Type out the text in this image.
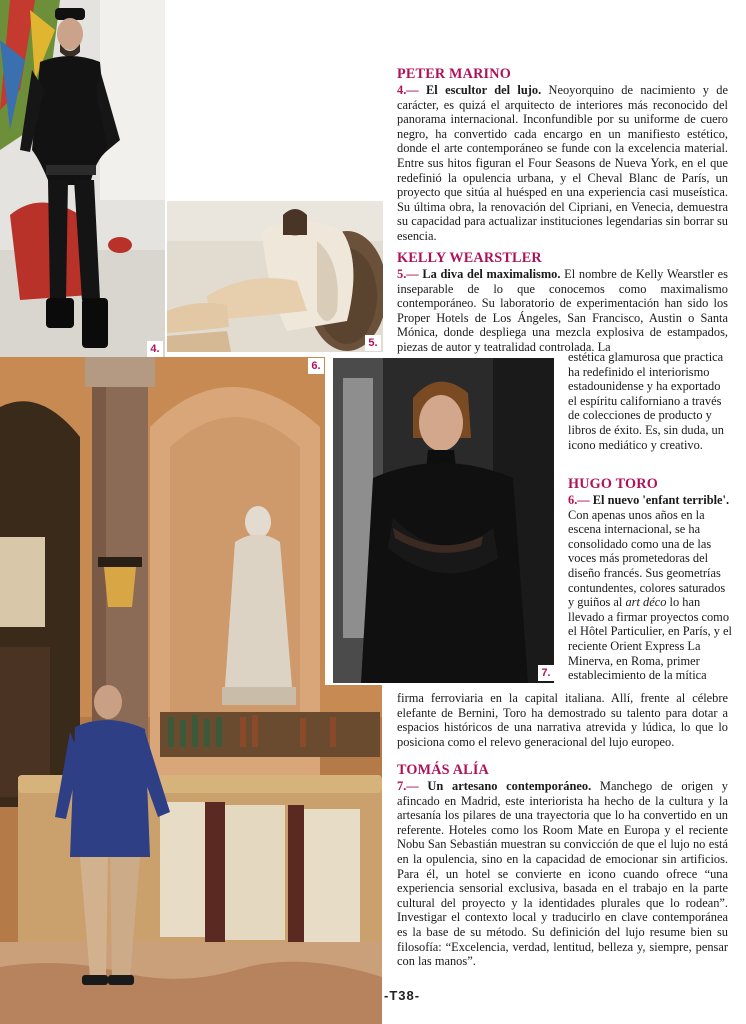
4.	5.
6.
7.
PETER MARINO
4.— El escultor del lujo. Neoyorquino de nacimiento y de carácter, es quizá el arquitecto de interiores más reconocido del panorama internacional. Inconfundible por su uniforme de cuero negro, ha convertido cada encargo en un manifiesto estético, donde el arte contemporáneo se funde con la excelencia material. Entre sus hitos figuran el Four Seasons de Nueva York, en el que redefinió la opulencia urbana, y el Cheval Blanc de París, un proyecto que sitúa al huésped en una experiencia casi museística. Su última obra, la renovación del Cipriani, en Venecia, demuestra su capacidad para actualizar instituciones legendarias sin borrar su esencia.
KELLY WEARSTLER
5.— La diva del maximalismo. El nombre de Kelly Wearstler es inseparable de lo que conocemos como maximalismo contemporáneo. Su laboratorio de experimentación han sido los Proper Hotels de Los Ángeles, San Francisco, Austin o Santa Mónica, donde despliega una mezcla explosiva de estampados, piezas de autor y teatralidad controlada. La
estética glamurosa que practica ha redefinido el interiorismo estadounidense y ha exportado el espíritu californiano a través de colecciones de producto y libros de éxito. Es, sin duda, un icono mediático y creativo.
HUGO TORO
6.— El nuevo 'enfant terrible'. Con apenas unos años en la escena internacional, se ha consolidado como una de las voces más prometedoras del diseño francés. Sus geometrías contundentes, colores saturados y guiños al art déco lo han llevado a firmar proyectos como el Hôtel Particulier, en París, y el reciente Orient Express La Minerva, en Roma, primer establecimiento de la mítica
firma ferroviaria en la capital italiana. Allí, frente al célebre elefante de Bernini, Toro ha demostrado su talento para dotar a espacios históricos de una narrativa atrevida y lúdica, lo que lo posiciona como el relevo generacional del lujo europeo.
TOMÁS ALÍA
7.— Un artesano contemporáneo. Manchego de origen y afincado en Madrid, este interiorista ha hecho de la cultura y la artesanía los pilares de una trayectoria que lo ha convertido en un referente. Hoteles como los Room Mate en Europa y el reciente Nobu San Sebastián muestran su convicción de que el lujo no está en la opulencia, sino en la capacidad de emocionar sin artificios. Para él, un hotel se convierte en icono cuando ofrece “una experiencia sensorial exclusiva, basada en el trabajo en la parte cultural del proyecto y la identidades plurales que lo rodean”. Investigar el contexto local y traducirlo en clave contemporánea es la base de su método. Su definición del lujo resume bien su filosofía: “Excelencia, verdad, lentitud, belleza y, siempre, pensar con las manos”.
-T38-
